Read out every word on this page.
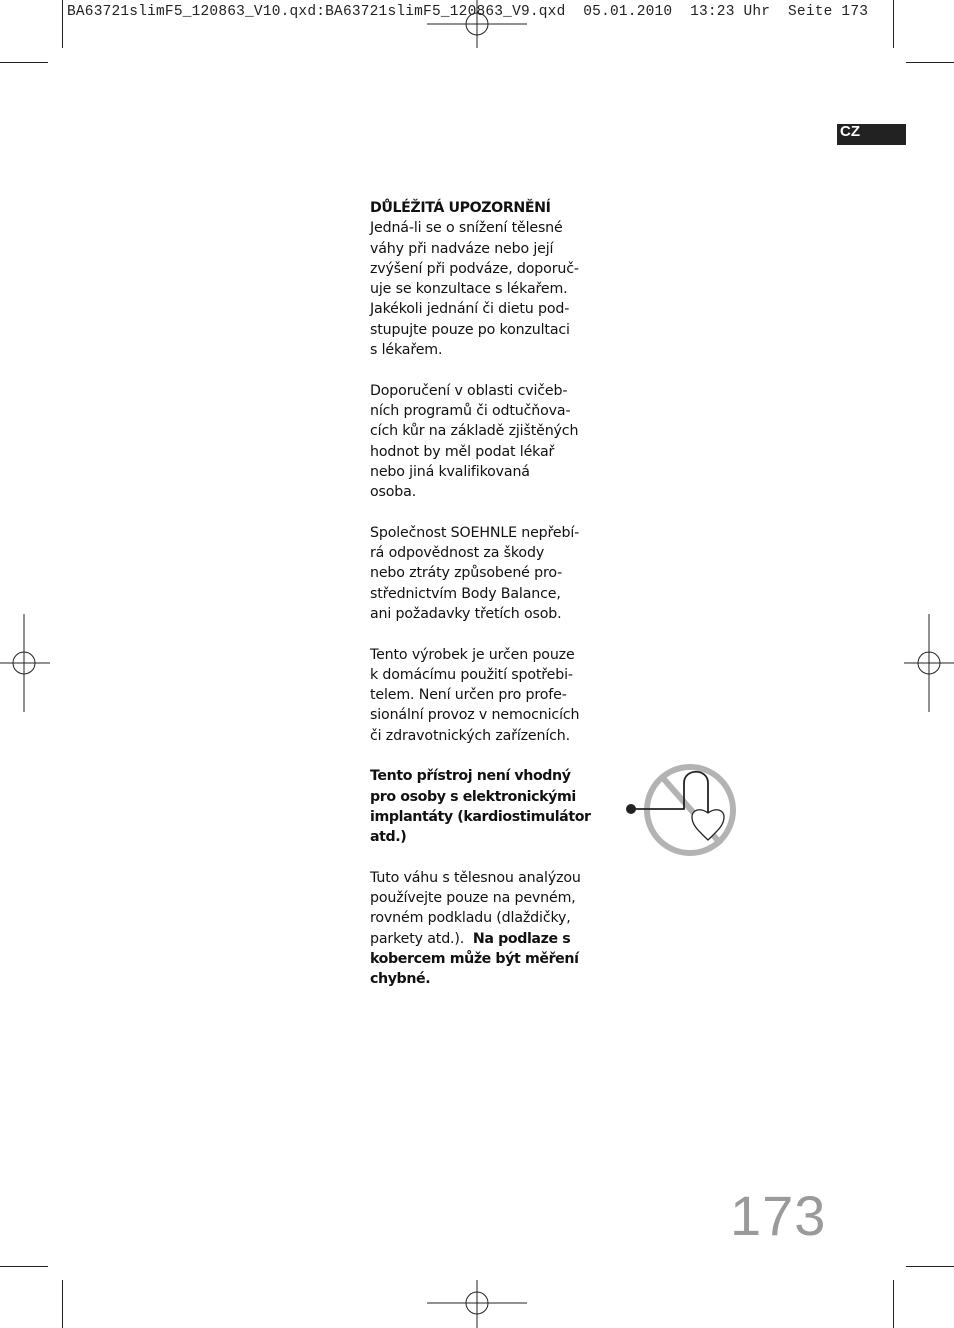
BA63721slimF5_120863_V10.qxd:BA63721slimF5_120863_V9.qxd  05.01.2010  13:23 Uhr  Seite 173
CZ

DŮLÉŽITÁ UPOZORNĚNÍ

Jedná-li se o snížení tělesné
váhy při nadváze nebo její
zvýšení při podváze, doporuč-
uje se konzultace s lékařem.
Jakékoli jednání či dietu pod-
stupujte pouze po konzultaci
s lékařem.

Doporučení v oblasti cvičeb-
ních programů či odtučňova-
cích kůr na základě zjištěných
hodnot by měl podat lékař
nebo jiná kvalifikovaná
osoba.

Společnost SOEHNLE nepřebí-
rá odpovědnost za škody
nebo ztráty způsobené pro-
střednictvím Body Balance,
ani požadavky třetích osob.

Tento výrobek je určen pouze
k domácímu použití spotřebi-
telem. Není určen pro profe-
sionální provoz v nemocnicích
či zdravotnických zařízeních.

Tento přístroj není vhodný
pro osoby s elektronickými
implantáty (kardiostimulátor
atd.)

Tuto váhu s tělesnou analýzou
používejte pouze na pevném,
rovném podkladu (dlaždičky,
parkety atd.). Na podlaze s
kobercem může být měření
chybné.

173
